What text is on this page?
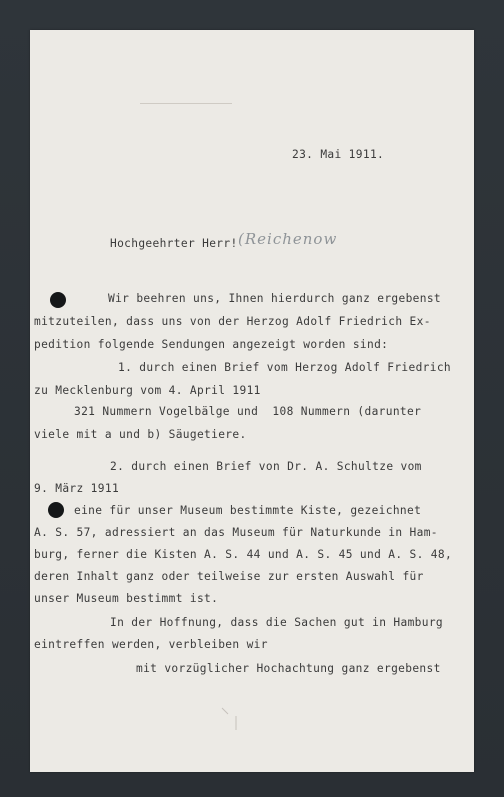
23. Mai 1911.
Hochgeehrter Herr! (Reichenow
Wir beehren uns, Ihnen hierdurch ganz ergebenst
mitzuteilen, dass uns von der Herzog Adolf Friedrich Ex-
pedition folgende Sendungen angezeigt worden sind:
1. durch einen Brief vom Herzog Adolf Friedrich
zu Mecklenburg vom 4. April 1911
321 Nummern Vogelbälge und  108 Nummern (darunter
viele mit a und b) Säugetiere.
2. durch einen Brief von Dr. A. Schultze vom
9. März 1911
eine für unser Museum bestimmte Kiste, gezeichnet
A. S. 57, adressiert an das Museum für Naturkunde in Ham-
burg, ferner die Kisten A. S. 44 und A. S. 45 und A. S. 48,
deren Inhalt ganz oder teilweise zur ersten Auswahl für
unser Museum bestimmt ist.
In der Hoffnung, dass die Sachen gut in Hamburg
eintreffen werden, verbleiben wir
mit vorzüglicher Hochachtung ganz ergebenst
